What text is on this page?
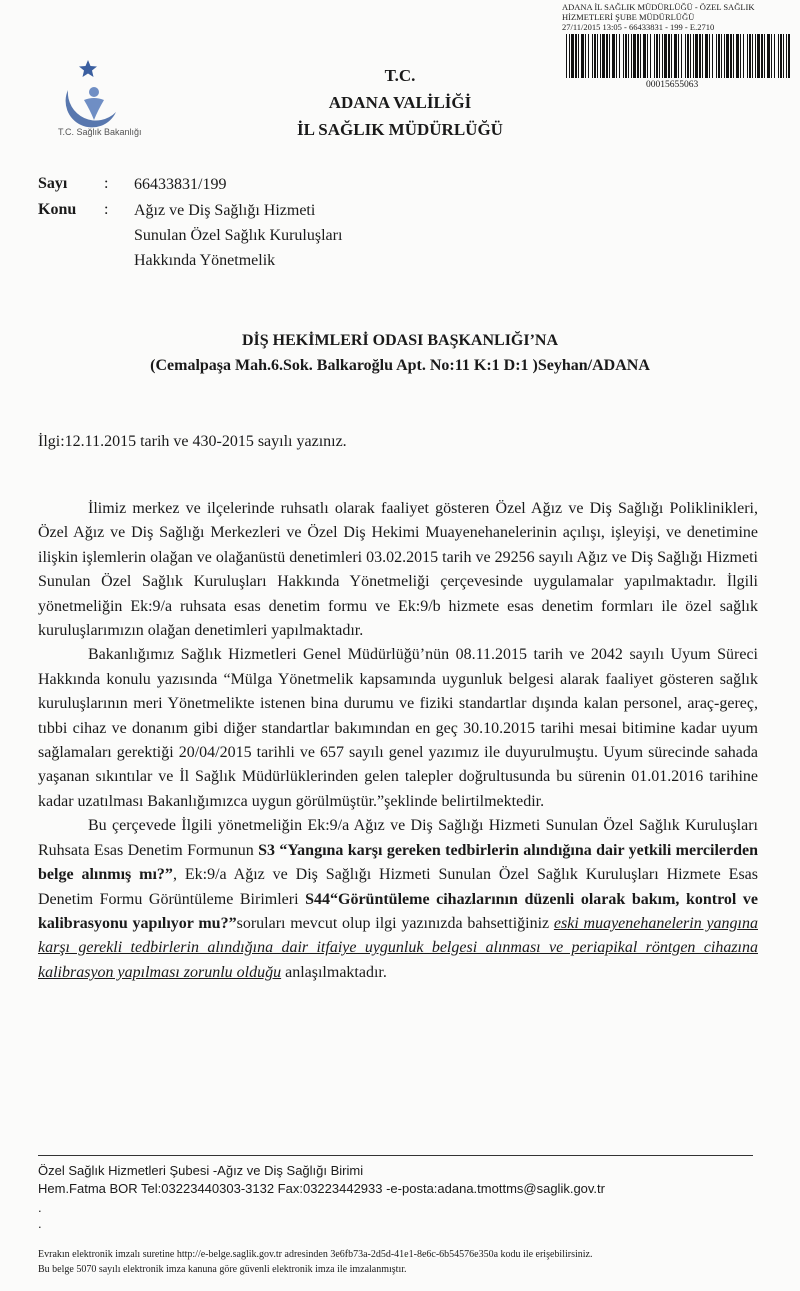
ADANA İL SAĞLIK MÜDÜRLÜĞÜ - ÖZEL SAĞLIK
HİZMETLERİ ŞUBE MÜDÜRLÜĞÜ
27/11/2015 13:05 - 66433831 - 199 - E.2710
00015655063
T.C. Sağlık Bakanlığı
T.C.
ADANA VALİLİĞİ
İL SAĞLIK MÜDÜRLÜĞÜ
Sayı : 66433831/199
Konu : Ağız ve Diş Sağlığı Hizmeti
Sunulan Özel Sağlık Kuruluşları
Hakkında Yönetmelik
DİŞ HEKİMLERİ ODASI BAŞKANLIĞI’NA
(Cemalpaşa Mah.6.Sok. Balkaroğlu Apt. No:11 K:1 D:1 )Seyhan/ADANA
İlgi:12.11.2015 tarih ve 430-2015 sayılı yazınız.

İlimiz merkez ve ilçelerinde ruhsatlı olarak faaliyet gösteren Özel Ağız ve Diş Sağlığı Poliklinikleri, Özel Ağız ve Diş Sağlığı Merkezleri ve Özel Diş Hekimi Muayenehanelerinin açılışı, işleyişi, ve denetimine ilişkin işlemlerin olağan ve olağanüstü denetimleri 03.02.2015 tarih ve 29256 sayılı Ağız ve Diş Sağlığı Hizmeti Sunulan Özel Sağlık Kuruluşları Hakkında Yönetmeliği çerçevesinde uygulamalar yapılmaktadır. İlgili yönetmeliğin Ek:9/a ruhsata esas denetim formu ve Ek:9/b hizmete esas denetim formları ile özel sağlık kuruluşlarımızın olağan denetimleri yapılmaktadır.

Bakanlığımız Sağlık Hizmetleri Genel Müdürlüğü’nün 08.11.2015 tarih ve 2042 sayılı Uyum Süreci Hakkında konulu yazısında “Mülga Yönetmelik kapsamında uygunluk belgesi alarak faaliyet gösteren sağlık kuruluşlarının meri Yönetmelikte istenen bina durumu ve fiziki standartlar dışında kalan personel, araç-gereç, tıbbi cihaz ve donanım gibi diğer standartlar bakımından en geç 30.10.2015 tarihi mesai bitimine kadar uyum sağlamaları gerektiği 20/04/2015 tarihli ve 657 sayılı genel yazımız ile duyurulmuştu. Uyum sürecinde sahada yaşanan sıkıntılar ve İl Sağlık Müdürlüklerinden gelen talepler doğrultusunda bu sürenin 01.01.2016 tarihine kadar uzatılması Bakanlığımızca uygun görülmüştür.”şeklinde belirtilmektedir.

Bu çerçevede İlgili yönetmeliğin Ek:9/a Ağız ve Diş Sağlığı Hizmeti Sunulan Özel Sağlık Kuruluşları Ruhsata Esas Denetim Formunun S3 “Yangına karşı gereken tedbirlerin alındığına dair yetkili mercilerden belge alınmış mı?”, Ek:9/a Ağız ve Diş Sağlığı Hizmeti Sunulan Özel Sağlık Kuruluşları Hizmete Esas Denetim Formu Görüntüleme Birimleri S44“Görüntüleme cihazlarının düzenli olarak bakım, kontrol ve kalibrasyonu yapılıyor mu?”soruları mevcut olup ilgi yazınızda bahsettiğiniz eski muayenehanelerin yangına karşı gerekli tedbirlerin alındığına dair itfaiye uygunluk belgesi alınması ve periapikal röntgen cihazına kalibrasyon yapılması zorunlu olduğu anlaşılmaktadır.

Özel Sağlık Hizmetleri Şubesi -Ağız ve Diş Sağlığı Birimi
Hem.Fatma BOR Tel:03223440303-3132 Fax:03223442933 -e-posta:adana.tmottms@saglik.gov.tr
.
.
Evrakın elektronik imzalı suretine http://e-belge.saglik.gov.tr adresinden 3e6fb73a-2d5d-41e1-8e6c-6b54576e350a kodu ile erişebilirsiniz.
Bu belge 5070 sayılı elektronik imza kanuna göre güvenli elektronik imza ile imzalanmıştır.
